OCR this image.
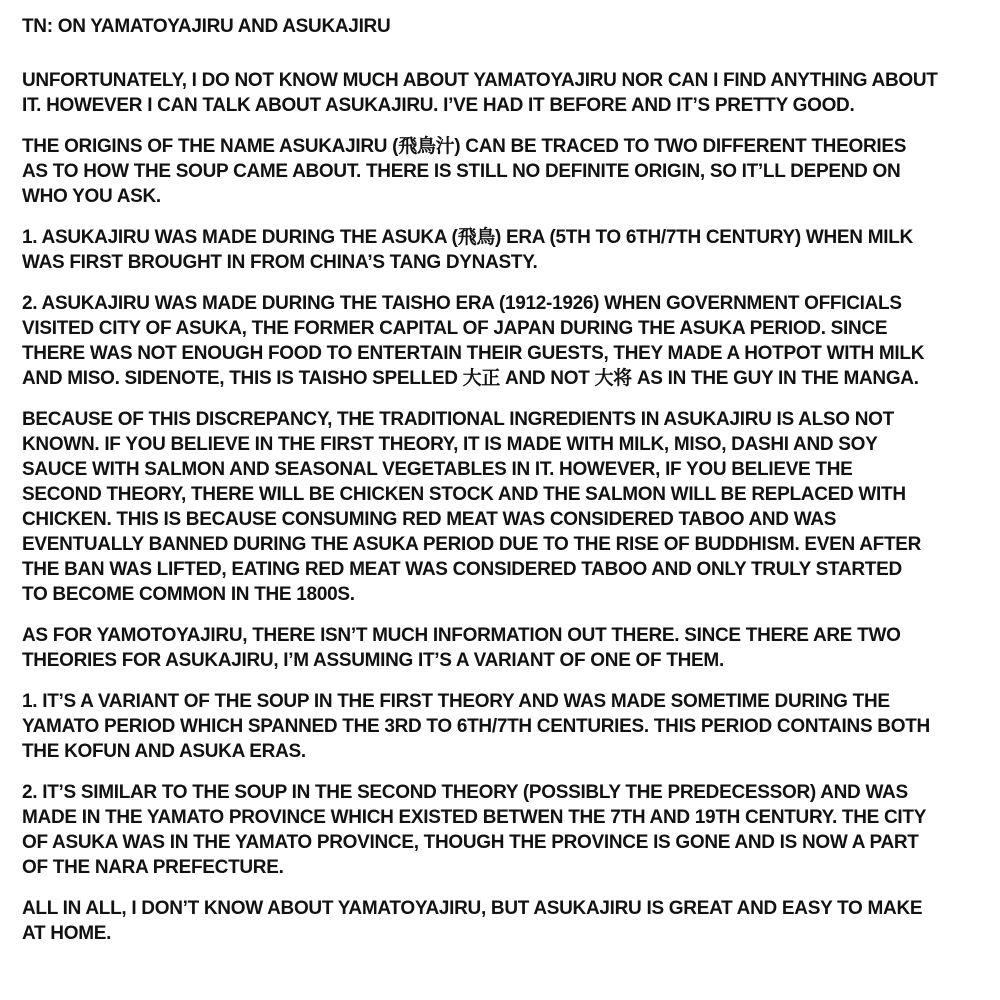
TN: ON YAMATOYAJIRU AND ASUKAJIRU
UNFORTUNATELY, I DO NOT KNOW MUCH ABOUT YAMATOYAJIRU NOR CAN I FIND ANYTHING ABOUT
IT. HOWEVER I CAN TALK ABOUT ASUKAJIRU. I’VE HAD IT BEFORE AND IT’S PRETTY GOOD.
THE ORIGINS OF THE NAME ASUKAJIRU (飛鳥汁) CAN BE TRACED TO TWO DIFFERENT THEORIES
AS TO HOW THE SOUP CAME ABOUT. THERE IS STILL NO DEFINITE ORIGIN, SO IT’LL DEPEND ON
WHO YOU ASK.
1. ASUKAJIRU WAS MADE DURING THE ASUKA (飛鳥) ERA (5TH TO 6TH/7TH CENTURY) WHEN MILK
WAS FIRST BROUGHT IN FROM CHINA’S TANG DYNASTY.
2. ASUKAJIRU WAS MADE DURING THE TAISHO ERA (1912-1926) WHEN GOVERNMENT OFFICIALS
VISITED CITY OF ASUKA, THE FORMER CAPITAL OF JAPAN DURING THE ASUKA PERIOD. SINCE
THERE WAS NOT ENOUGH FOOD TO ENTERTAIN THEIR GUESTS, THEY MADE A HOTPOT WITH MILK
AND MISO. SIDENOTE, THIS IS TAISHO SPELLED 大正 AND NOT 大将 AS IN THE GUY IN THE MANGA.
BECAUSE OF THIS DISCREPANCY, THE TRADITIONAL INGREDIENTS IN ASUKAJIRU IS ALSO NOT
KNOWN. IF YOU BELIEVE IN THE FIRST THEORY, IT IS MADE WITH MILK, MISO, DASHI AND SOY
SAUCE WITH SALMON AND SEASONAL VEGETABLES IN IT. HOWEVER, IF YOU BELIEVE THE
SECOND THEORY, THERE WILL BE CHICKEN STOCK AND THE SALMON WILL BE REPLACED WITH
CHICKEN. THIS IS BECAUSE CONSUMING RED MEAT WAS CONSIDERED TABOO AND WAS
EVENTUALLY BANNED DURING THE ASUKA PERIOD DUE TO THE RISE OF BUDDHISM. EVEN AFTER
THE BAN WAS LIFTED, EATING RED MEAT WAS CONSIDERED TABOO AND ONLY TRULY STARTED
TO BECOME COMMON IN THE 1800S.
AS FOR YAMOTOYAJIRU, THERE ISN’T MUCH INFORMATION OUT THERE. SINCE THERE ARE TWO
THEORIES FOR ASUKAJIRU, I’M ASSUMING IT’S A VARIANT OF ONE OF THEM.
1. IT’S A VARIANT OF THE SOUP IN THE FIRST THEORY AND WAS MADE SOMETIME DURING THE
YAMATO PERIOD WHICH SPANNED THE 3RD TO 6TH/7TH CENTURIES. THIS PERIOD CONTAINS BOTH
THE KOFUN AND ASUKA ERAS.
2. IT’S SIMILAR TO THE SOUP IN THE SECOND THEORY (POSSIBLY THE PREDECESSOR) AND WAS
MADE IN THE YAMATO PROVINCE WHICH EXISTED BETWEN THE 7TH AND 19TH CENTURY. THE CITY
OF ASUKA WAS IN THE YAMATO PROVINCE, THOUGH THE PROVINCE IS GONE AND IS NOW A PART
OF THE NARA PREFECTURE.
ALL IN ALL, I DON’T KNOW ABOUT YAMATOYAJIRU, BUT ASUKAJIRU IS GREAT AND EASY TO MAKE
AT HOME.
